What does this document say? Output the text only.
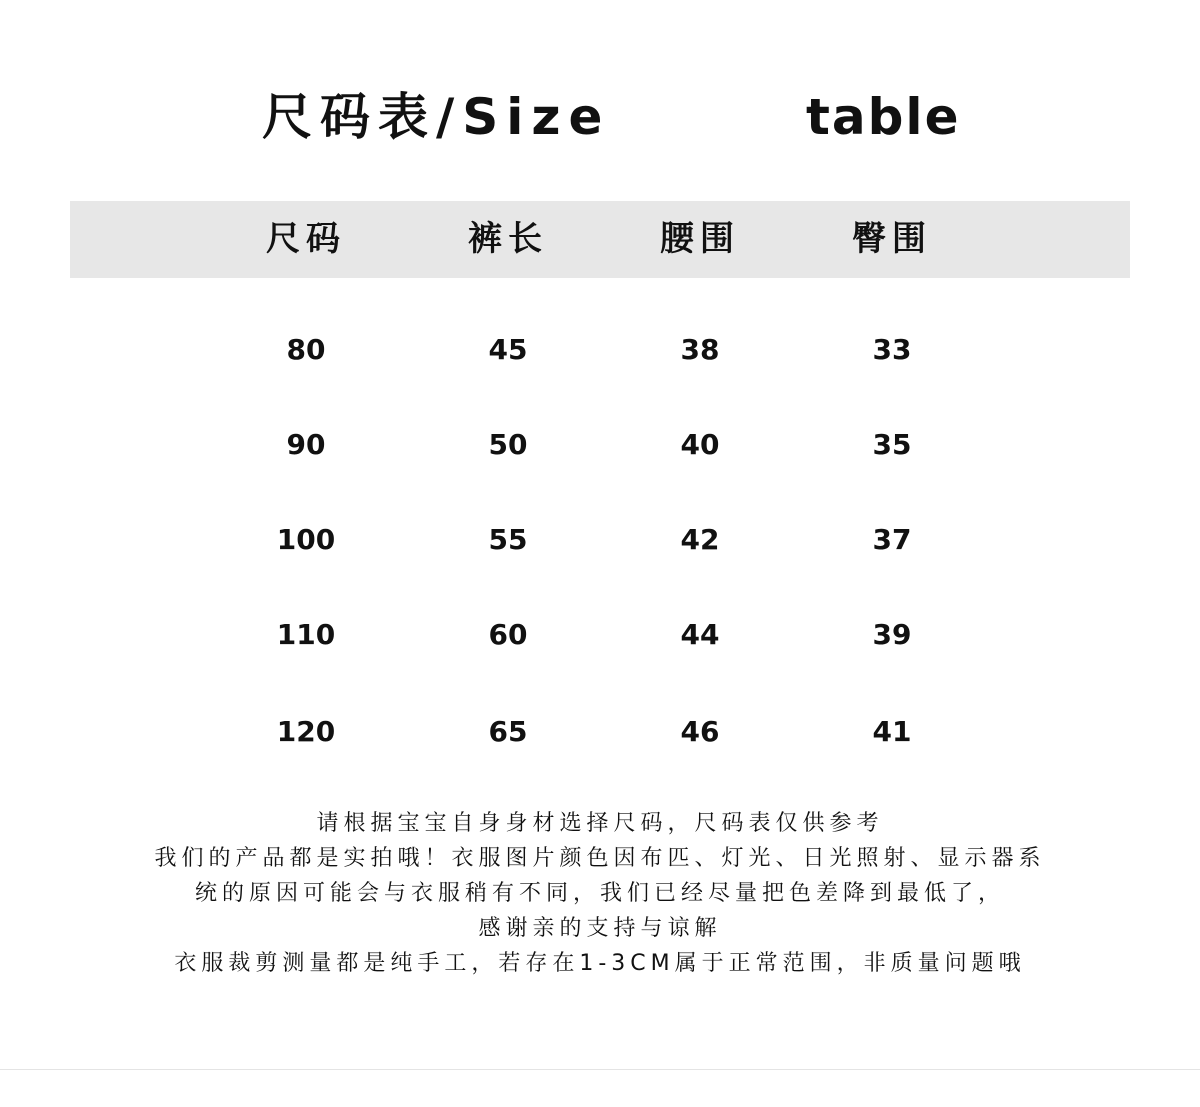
尺码表/Size	table
尺码	裤长	腰围	臀围
80	45	38	33
90	50	40	35
100	55	42	37
110	60	44	39
120	65	46	41
请根据宝宝自身身材选择尺码，尺码表仅供参考
我们的产品都是实拍哦！衣服图片颜色因布匹、灯光、日光照射、显示器系
统的原因可能会与衣服稍有不同，我们已经尽量把色差降到最低了，
感谢亲的支持与谅解
衣服裁剪测量都是纯手工，若存在1-3CM属于正常范围，非质量问题哦
